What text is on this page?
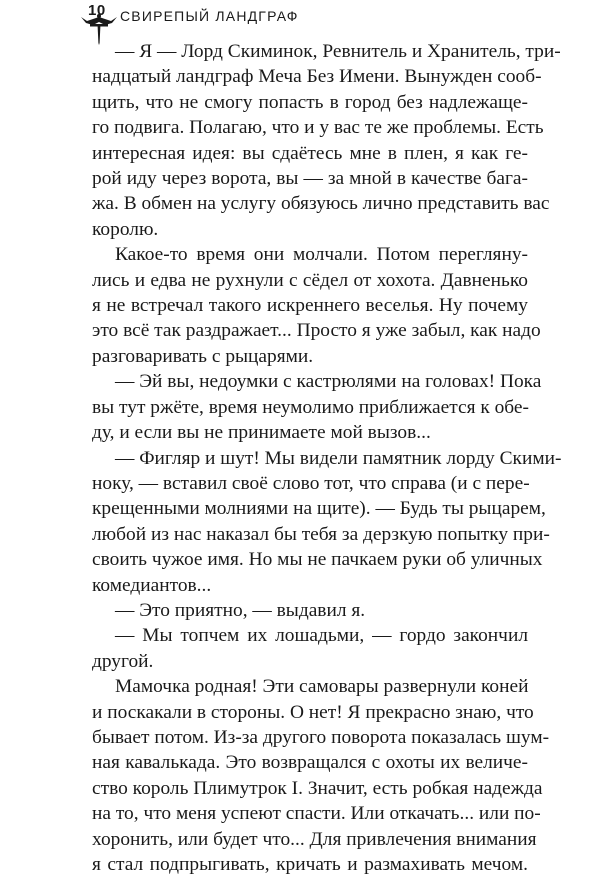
10 СВИРЕПЫЙ ЛАНДГРАФ
— Я — Лорд Скиминок, Ревнитель и Хранитель, три-
надцатый ландграф Меча Без Имени. Вынужден сооб-
щить, что не смогу попасть в город без надлежаще-
го подвига. Полагаю, что и у вас те же проблемы. Есть
интересная идея: вы сдаётесь мне в плен, я как ге-
рой иду через ворота, вы — за мной в качестве бага-
жа. В обмен на услугу обязуюсь лично представить вас
королю.
Какое-то время они молчали. Потом перегляну-
лись и едва не рухнули с сёдел от хохота. Давненько
я не встречал такого искреннего веселья. Ну почему
это всё так раздражает... Просто я уже забыл, как надо
разговаривать с рыцарями.
— Эй вы, недоумки с кастрюлями на головах! Пока
вы тут ржёте, время неумолимо приближается к обе-
ду, и если вы не принимаете мой вызов...
— Фигляр и шут! Мы видели памятник лорду Скими-
ноку, — вставил своё слово тот, что справа (и с пере-
крещенными молниями на щите). — Будь ты рыцарем,
любой из нас наказал бы тебя за дерзкую попытку при-
своить чужое имя. Но мы не пачкаем руки об уличных
комедиантов...
— Это приятно, — выдавил я.
— Мы топчем их лошадьми, — гордо закончил
другой.
Мамочка родная! Эти самовары развернули коней
и поскакали в стороны. О нет! Я прекрасно знаю, что
бывает потом. Из-за другого поворота показалась шум-
ная кавалькада. Это возвращался с охоты их величе-
ство король Плимутрок I. Значит, есть робкая надежда
на то, что меня успеют спасти. Или откачать... или по-
хоронить, или будет что... Для привлечения внимания
я стал подпрыгивать, кричать и размахивать мечом.
